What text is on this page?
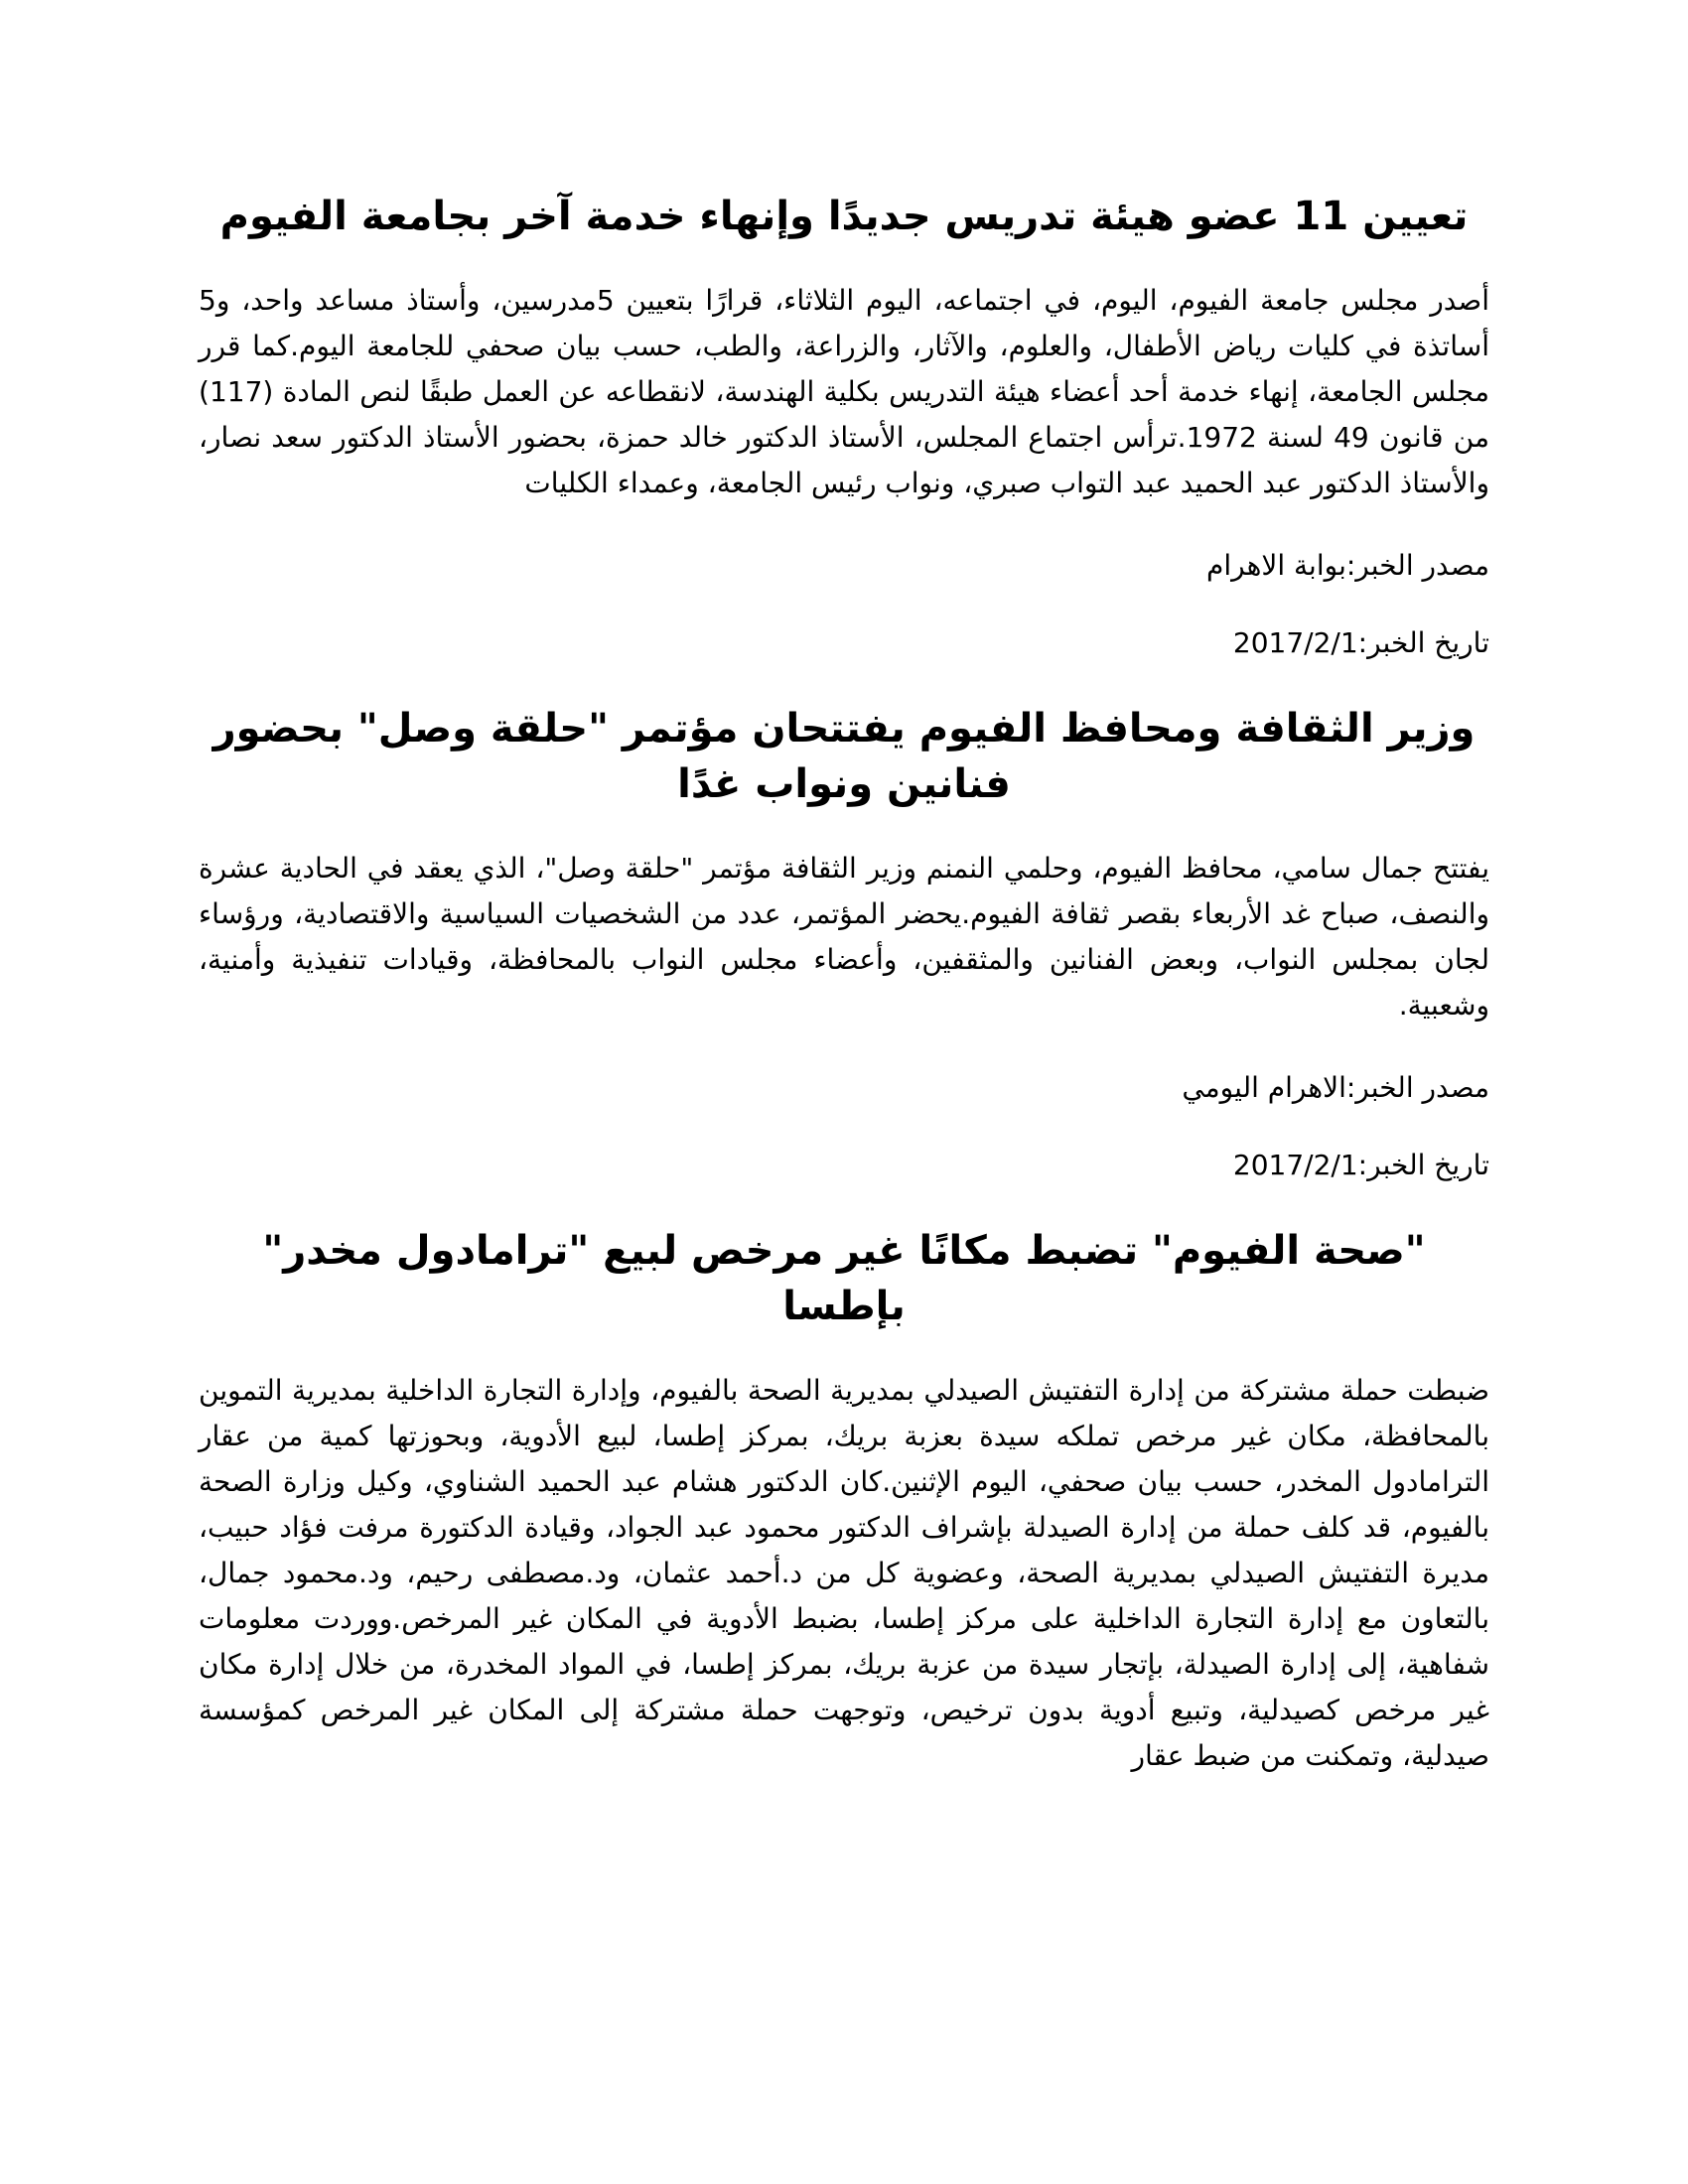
تعيين 11 عضو هيئة تدريس جديدًا وإنهاء خدمة آخر بجامعة الفيوم

أصدر مجلس جامعة الفيوم، اليوم، في اجتماعه، اليوم الثلاثاء، قرارًا بتعيين 5مدرسين، وأستاذ مساعد واحد، و5 أساتذة في كليات رياض الأطفال، والعلوم، والآثار، والزراعة، والطب، حسب بيان صحفي للجامعة اليوم.كما قرر مجلس الجامعة، إنهاء خدمة أحد أعضاء هيئة التدريس بكلية الهندسة، لانقطاعه عن العمل طبقًا لنص المادة (117) من قانون 49 لسنة 1972.ترأس اجتماع المجلس، الأستاذ الدكتور خالد حمزة، بحضور الأستاذ الدكتور سعد نصار، والأستاذ الدكتور عبد الحميد عبد التواب صبري، ونواب رئيس الجامعة، وعمداء الكليات

مصدر الخبر:بوابة الاهرام

تاريخ الخبر:2017/2/1

وزير الثقافة ومحافظ الفيوم يفتتحان مؤتمر "حلقة وصل" بحضور فنانين ونواب غدًا

يفتتح جمال سامي، محافظ الفيوم، وحلمي النمنم وزير الثقافة مؤتمر "حلقة وصل"، الذي يعقد في الحادية عشرة والنصف، صباح غد الأربعاء بقصر ثقافة الفيوم.يحضر المؤتمر، عدد من الشخصيات السياسية والاقتصادية، ورؤساء لجان بمجلس النواب، وبعض الفنانين والمثقفين، وأعضاء مجلس النواب بالمحافظة، وقيادات تنفيذية وأمنية، وشعبية.

مصدر الخبر:الاهرام اليومي

تاريخ الخبر:2017/2/1

"صحة الفيوم" تضبط مكانًا غير مرخص لبيع "ترامادول مخدر" بإطسا

ضبطت حملة مشتركة من إدارة التفتيش الصيدلي بمديرية الصحة بالفيوم، وإدارة التجارة الداخلية بمديرية التموين بالمحافظة، مكان غير مرخص تملكه سيدة بعزبة بريك، بمركز إطسا، لبيع الأدوية، وبحوزتها كمية من عقار الترامادول المخدر، حسب بيان صحفي، اليوم الإثنين.كان الدكتور هشام عبد الحميد الشناوي، وكيل وزارة الصحة بالفيوم، قد كلف حملة من إدارة الصيدلة بإشراف الدكتور محمود عبد الجواد، وقيادة الدكتورة مرفت فؤاد حبيب، مديرة التفتيش الصيدلي بمديرية الصحة، وعضوية كل من د.أحمد عثمان، ود.مصطفى رحيم، ود.محمود جمال، بالتعاون مع إدارة التجارة الداخلية على مركز إطسا، بضبط الأدوية في المكان غير المرخص.ووردت معلومات شفاهية، إلى إدارة الصيدلة، بإتجار سيدة من عزبة بريك، بمركز إطسا، في المواد المخدرة، من خلال إدارة مكان غير مرخص كصيدلية، وتبيع أدوية بدون ترخيص، وتوجهت حملة مشتركة إلى المكان غير المرخص كمؤسسة صيدلية، وتمكنت من ضبط عقار
